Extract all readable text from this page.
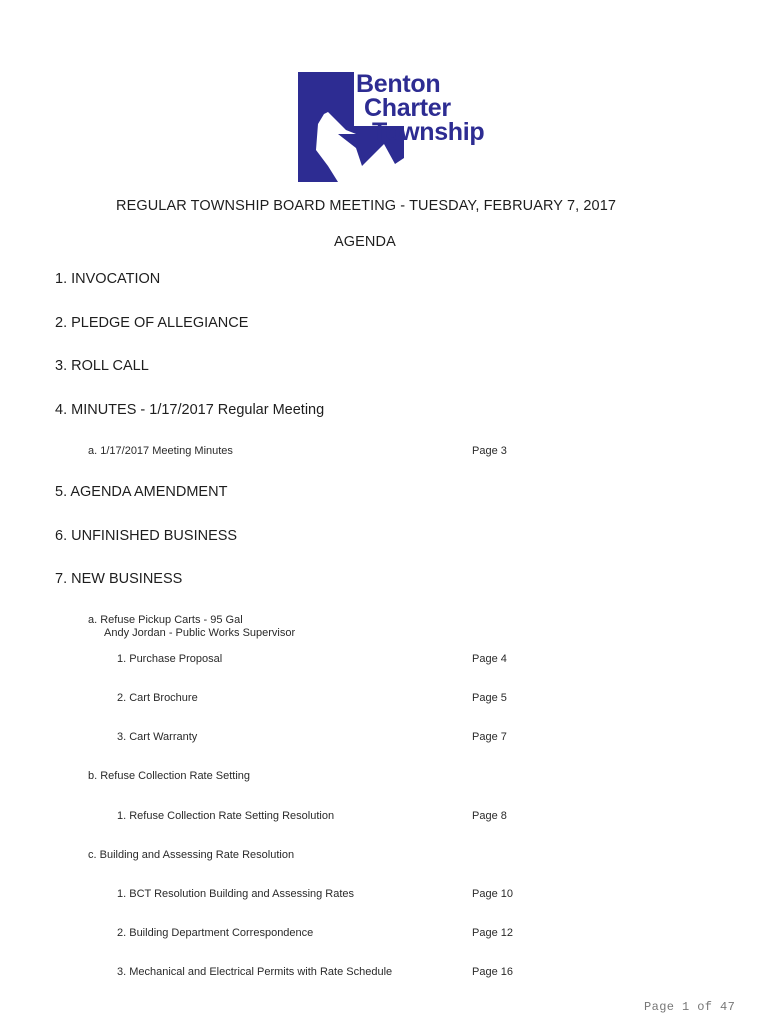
Benton
Charter
Township
REGULAR TOWNSHIP BOARD MEETING - TUESDAY, FEBRUARY 7, 2017
AGENDA
1. INVOCATION
2. PLEDGE OF ALLEGIANCE
3. ROLL CALL
4. MINUTES - 1/17/2017 Regular Meeting
a. 1/17/2017 Meeting Minutes	Page 3
5. AGENDA AMENDMENT
6. UNFINISHED BUSINESS
7. NEW BUSINESS
a. Refuse Pickup Carts - 95 Gal
Andy Jordan - Public Works Supervisor
1. Purchase Proposal	Page 4
2. Cart Brochure	Page 5
3. Cart Warranty	Page 7
b. Refuse Collection Rate Setting
1. Refuse Collection Rate Setting Resolution	Page 8
c. Building and Assessing Rate Resolution
1. BCT Resolution Building and Assessing Rates	Page 10
2. Building Department Correspondence	Page 12
3. Mechanical and Electrical Permits with Rate Schedule	Page 16
Page 1 of 47
